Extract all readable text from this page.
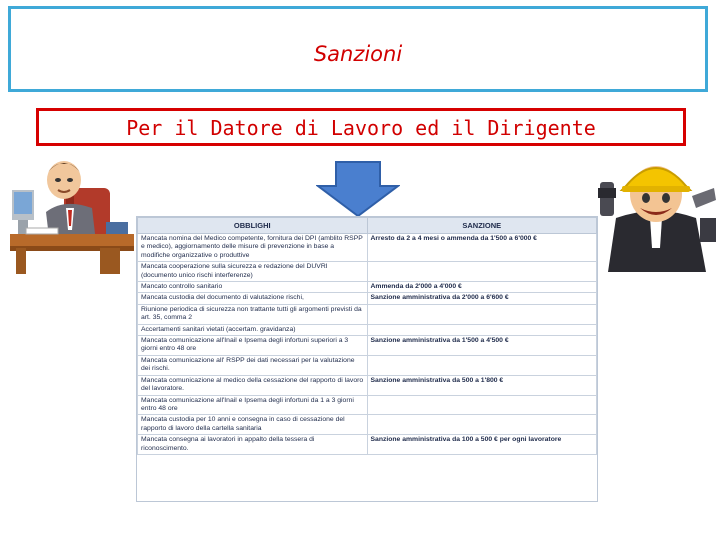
Sanzioni
Per il Datore di Lavoro ed il Dirigente
OBBLIGHI	SANZIONE
Mancata nomina del Medico competente, fornitura dei DPI (amblito RSPP e medico), aggiornamento delle misure di prevenzione in base a modifiche organizzative o produttive	Arresto da 2 a 4 mesi o ammenda da 1'500 a 6'000 €
Mancata cooperazione sulla sicurezza e redazione del DUVRI (documento unico rischi interferenze)	
Mancato controllo sanitario	Ammenda da 2'000 a 4'000 €
Mancata custodia del documento di valutazione rischi,	Sanzione amministrativa da 2'000 a 6'600 €
Riunione periodica di sicurezza non trattante tutti gli argomenti previsti da art. 35, comma 2	
Accertamenti sanitari vietati (accertam. gravidanza)	
Mancata comunicazione all'Inail e Ipsema degli infortuni superiori a 3 giorni entro 48 ore	Sanzione amministrativa da 1'500 a 4'500 €
Mancata comunicazione all' RSPP dei dati necessari per la valutazione dei rischi.	
Mancata comunicazione al medico della cessazione del rapporto di lavoro del lavoratore.	Sanzione amministrativa da 500 a 1'800 €
Mancata comunicazione all'Inail e Ipsema degli infortuni da 1 a 3 giorni entro 48 ore	
Mancata custodia per 10 anni e consegna in caso di cessazione del rapporto di lavoro della cartella sanitaria	
Mancata consegna ai lavoratori in appalto della tessera di riconoscimento.	Sanzione amministrativa da 100 a 500 € per ogni lavoratore
